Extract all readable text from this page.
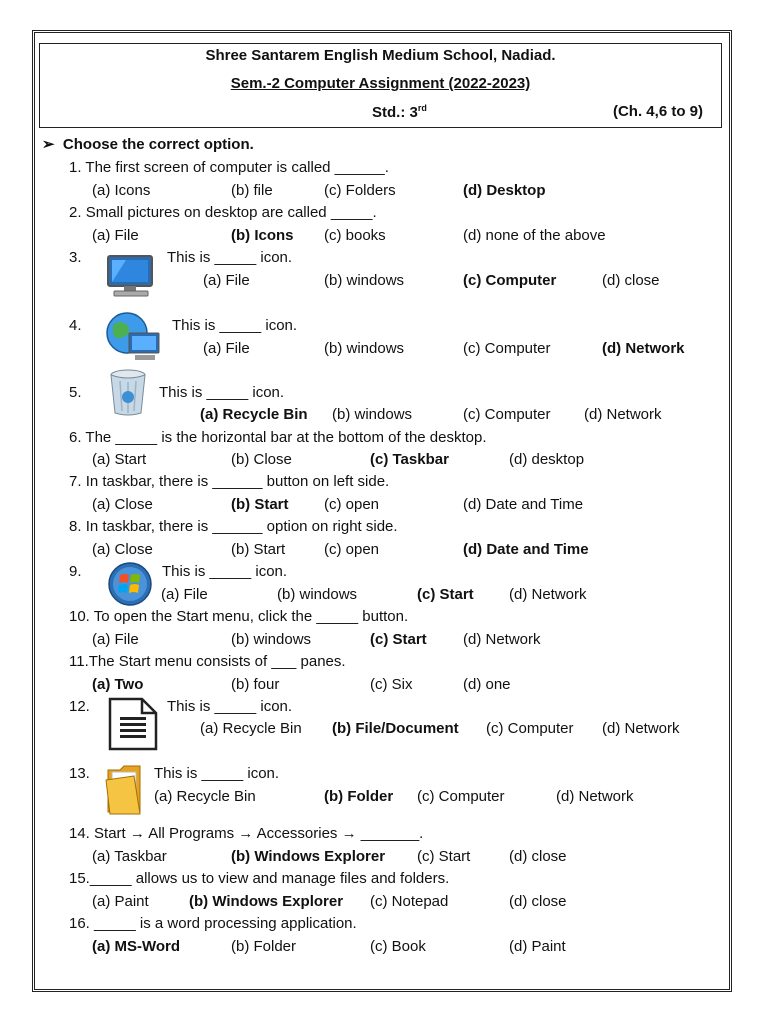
Shree Santarem English Medium School, Nadiad.
Sem.-2 Computer Assignment (2022-2023)
Std.: 3rd	(Ch. 4,6 to 9)
➢ Choose the correct option.
1. The first screen of computer is called ______.
(a) Icons	(b) file	(c) Folders	(d) Desktop
2. Small pictures on desktop are called _____.
(a) File	(b) Icons (c) books	(d) none of the above
3.	This is _____ icon.
(a) File	(b) windows	(c) Computer	(d) close
4.	This is _____ icon.
(a) File	(b) windows	(c) Computer	(d) Network
5.	This is _____ icon.
(a) Recycle Bin (b) windows	(c) Computer (d) Network
6. The _____ is the horizontal bar at the bottom of the desktop.
(a) Start	(b) Close	(c) Taskbar	(d) desktop
7. In taskbar, there is ______ button on left side.
(a) Close	(b) Start (c) open	(d) Date and Time
8. In taskbar, there is ______ option on right side.
(a) Close	(b) Start	(c) open	(d) Date and Time
9.	This is _____ icon.
(a) File	(b) windows	(c) Start (d) Network
10. To open the Start menu, click the _____ button.
(a) File	(b) windows	(c) Start (d) Network
11.The Start menu consists of ___ panes.
(a) Two	(b) four	(c) Six	(d) one
12.	This is _____ icon.
(a) Recycle Bin (b) File/Document (c) Computer (d) Network
13.	This is _____ icon.
(a) Recycle Bin	(b) Folder (c) Computer	(d) Network
14. Start → All Programs → Accessories → _______.
(a) Taskbar	(b) Windows Explorer (c) Start	(d) close
15._____ allows us to view and manage files and folders.
(a) Paint	(b) Windows Explorer (c) Notepad	(d) close
16. _____ is a word processing application.
(a) MS-Word	(b) Folder	(c) Book	(d) Paint
